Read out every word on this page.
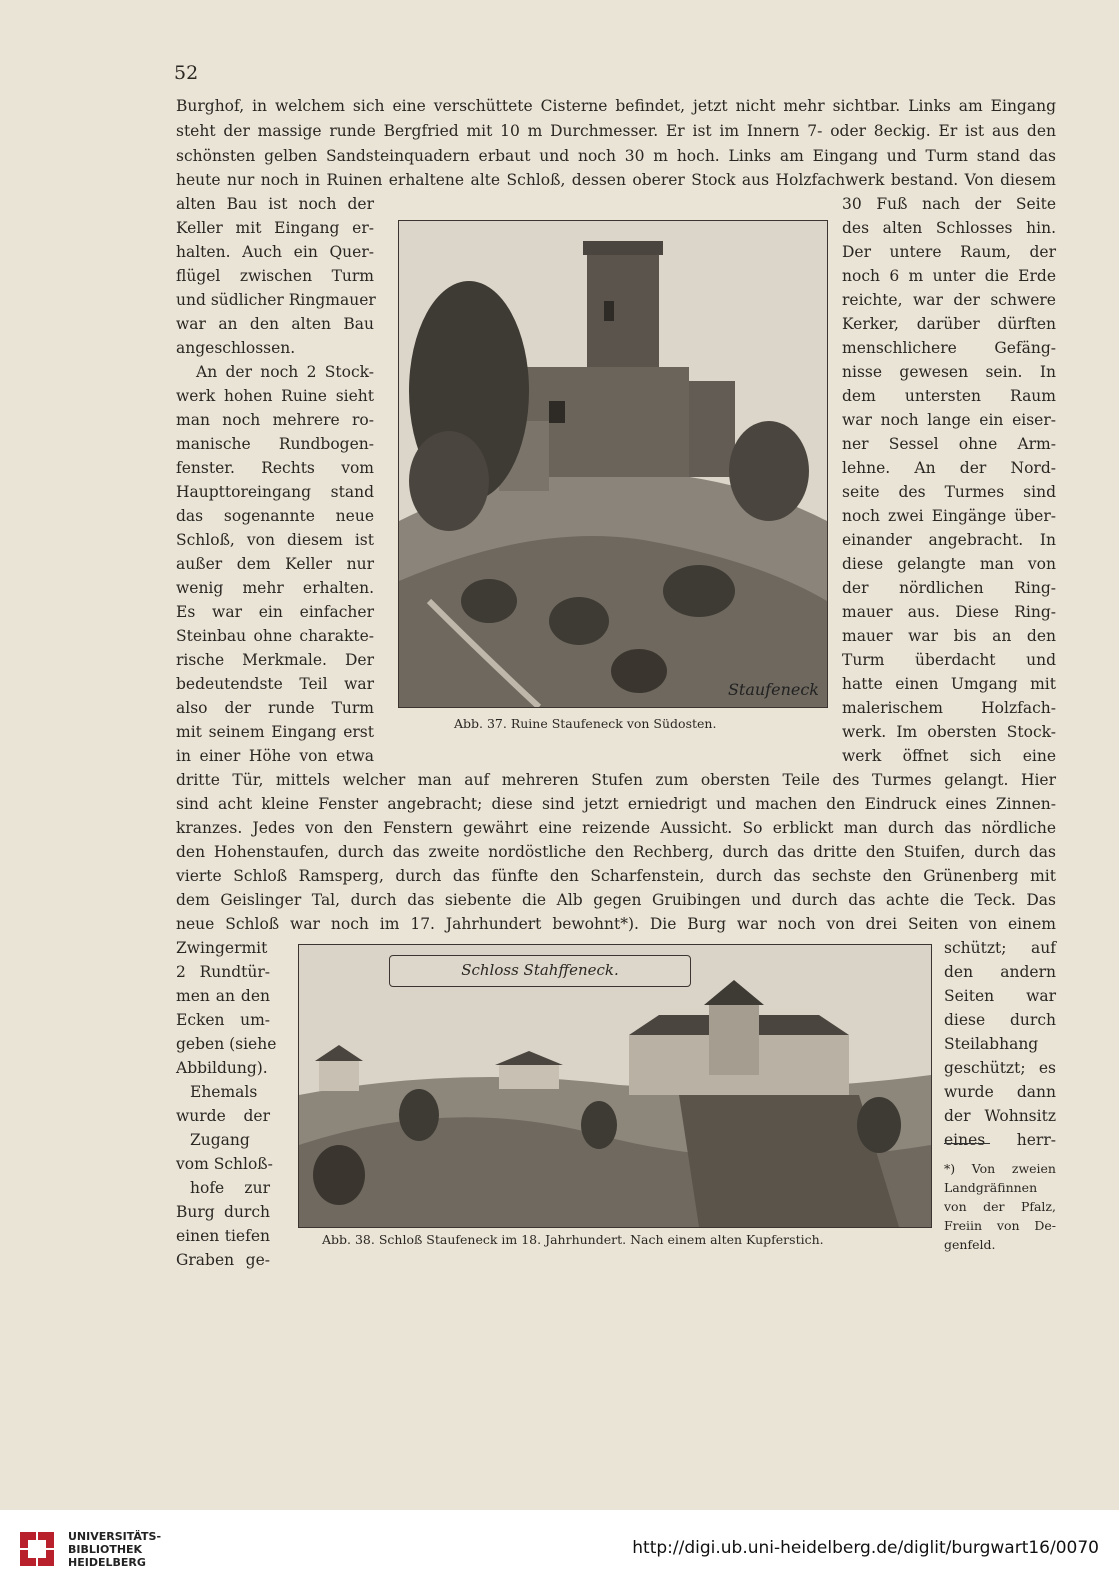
52
Burghof, in welchem sich eine verschüttete Cisterne befindet, jetzt nicht mehr sichtbar. Links am Eingang
steht der massige runde Bergfried mit 10 m Durchmesser. Er ist im Innern 7- oder 8eckig. Er ist aus den
schönsten gelben Sandsteinquadern erbaut und noch 30 m hoch. Links am Eingang und Turm stand das
heute nur noch in Ruinen erhaltene alte Schloß, dessen oberer Stock aus Holzfachwerk bestand. Von diesem
alten Bau ist noch der
Keller mit Eingang er-
halten. Auch ein Quer-
flügel zwischen Turm
und südlicher Ringmauer
war an den alten Bau
angeschlossen.
An der noch 2 Stock-
werk hohen Ruine sieht
man noch mehrere ro-
manische Rundbogen-
fenster. Rechts vom
Haupttoreingang stand
das sogenannte neue
Schloß, von diesem ist
außer dem Keller nur
wenig mehr erhalten.
Es war ein einfacher
Steinbau ohne charakte-
rische Merkmale. Der
bedeutendste Teil war
also der runde Turm
mit seinem Eingang erst
in einer Höhe von etwa
30 Fuß nach der Seite
des alten Schlosses hin.
Der untere Raum, der
noch 6 m unter die Erde
reichte, war der schwere
Kerker, darüber dürften
menschlichere Gefäng-
nisse gewesen sein. In
dem untersten Raum
war noch lange ein eiser-
ner Sessel ohne Arm-
lehne. An der Nord-
seite des Turmes sind
noch zwei Eingänge über-
einander angebracht. In
diese gelangte man von
der nördlichen Ring-
mauer aus. Diese Ring-
mauer war bis an den
Turm überdacht und
hatte einen Umgang mit
malerischem Holzfach-
werk. Im obersten Stock-
werk öffnet sich eine
Staufeneck
Abb. 37. Ruine Staufeneck von Südosten.
dritte Tür, mittels welcher man auf mehreren Stufen zum obersten Teile des Turmes gelangt. Hier
sind acht kleine Fenster angebracht; diese sind jetzt erniedrigt und machen den Eindruck eines Zinnen-
kranzes. Jedes von den Fenstern gewährt eine reizende Aussicht. So erblickt man durch das nördliche
den Hohenstaufen, durch das zweite nordöstliche den Rechberg, durch das dritte den Stuifen, durch das
vierte Schloß Ramsperg, durch das fünfte den Scharfenstein, durch das sechste den Grünenberg mit
dem Geislinger Tal, durch das siebente die Alb gegen Gruibingen und durch das achte die Teck. Das
neue Schloß war noch im 17. Jahrhundert bewohnt*). Die Burg war noch von drei Seiten von einem
Zwingermit
2 Rundtür-
men an den
Ecken um-
geben (siehe
Abbildung).
Ehemals
wurde der
Zugang
vom Schloß-
hofe zur
Burg durch
einen tiefen
Graben ge-
schützt; auf
den andern
Seiten war
diese durch
Steilabhang
geschützt; es
wurde dann
der Wohnsitz
eines herr-
*) Von zweien
Landgräfinnen
von der Pfalz,
Freiin von De-
genfeld.
Schloss Stahffeneck.
Abb. 38. Schloß Staufeneck im 18. Jahrhundert. Nach einem alten Kupferstich.
UNIVERSITÄTS-
BIBLIOTHEK
HEIDELBERG
http://digi.ub.uni-heidelberg.de/diglit/burgwart16/0070
